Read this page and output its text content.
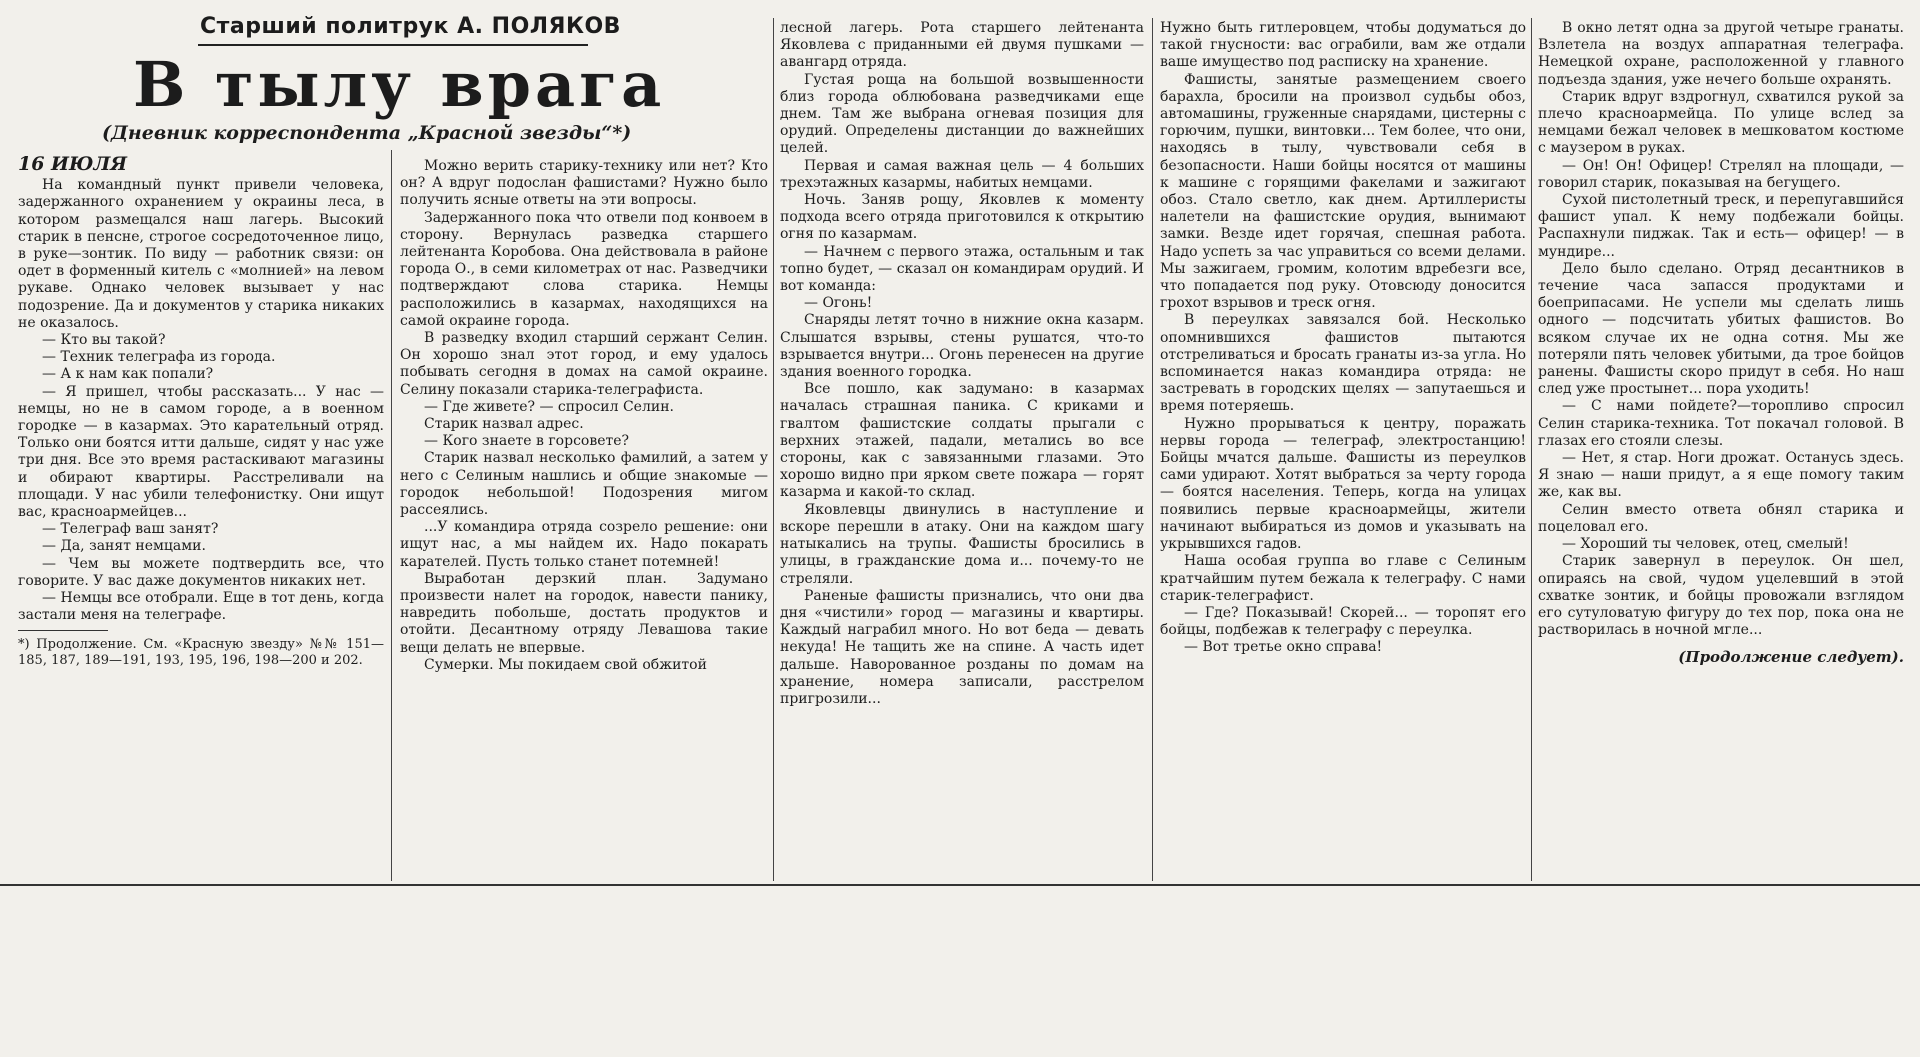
Старший политрук А. ПОЛЯКОВ
В тылу врага
(Дневник корреспондента „Красной звезды“*)

16 ИЮЛЯ

На командный пункт привели человека, задержанного охранением у окраины леса, в котором размещался наш лагерь. Высокий старик в пенсне, строгое сосредоточенное лицо, в руке—зонтик. По виду — работник связи: он одет в форменный китель с «молнией» на левом рукаве. Однако человек вызывает у нас подозрение. Да и документов у старика никаких не оказалось.

— Кто вы такой?

— Техник телеграфа из города.

— А к нам как попали?

— Я пришел, чтобы рассказать... У нас — немцы, но не в самом городе, а в военном городке — в казармах. Это карательный отряд. Только они боятся итти дальше, сидят у нас уже три дня. Все это время растаскивают магазины и обирают квартиры. Расстреливали на площади. У нас убили телефонистку. Они ищут вас, красноармейцев...

— Телеграф ваш занят?

— Да, занят немцами.

— Чем вы можете подтвердить все, что говорите. У вас даже документов никаких нет.

— Немцы все отобрали. Еще в тот день, когда застали меня на телеграфе.

*) Продолжение. См. «Красную звезду» №№ 151—185, 187, 189—191, 193, 195, 196, 198—200 и 202.

Можно верить старику-технику или нет? Кто он? А вдруг подослан фашистами? Нужно было получить ясные ответы на эти вопросы.

Задержанного пока что отвели под конвоем в сторону. Вернулась разведка старшего лейтенанта Коробова. Она действовала в районе города О., в семи километрах от нас. Разведчики подтверждают слова старика. Немцы расположились в казармах, находящихся на самой окраине города.

В разведку входил старший сержант Селин. Он хорошо знал этот город, и ему удалось побывать сегодня в домах на самой окраине. Селину показали старика-телеграфиста.

— Где живете? — спросил Селин.

Старик назвал адрес.

— Кого знаете в горсовете?

Старик назвал несколько фамилий, а затем у него с Селиным нашлись и общие знакомые — городок небольшой! Подозрения мигом рассеялись.

...У командира отряда созрело решение: они ищут нас, а мы найдем их. Надо покарать карателей. Пусть только станет потемней!

Выработан дерзкий план. Задумано произвести налет на городок, навести панику, навредить побольше, достать продуктов и отойти. Десантному отряду Левашова такие вещи делать не впервые.

Сумерки. Мы покидаем свой обжитой

лесной лагерь. Рота старшего лейтенанта Яковлева с приданными ей двумя пушками — авангард отряда.

Густая роща на большой возвышенности близ города облюбована разведчиками еще днем. Там же выбрана огневая позиция для орудий. Определены дистанции до важнейших целей.

Первая и самая важная цель — 4 больших трехэтажных казармы, набитых немцами.

Ночь. Заняв рощу, Яковлев к моменту подхода всего отряда приготовился к открытию огня по казармам.

— Начнем с первого этажа, остальным и так топно будет, — сказал он командирам орудий. И вот команда:

— Огонь!

Снаряды летят точно в нижние окна казарм. Слышатся взрывы, стены рушатся, что-то взрывается внутри... Огонь перенесен на другие здания военного городка.

Все пошло, как задумано: в казармах началась страшная паника. С криками и гвалтом фашистские солдаты прыгали с верхних этажей, падали, метались во все стороны, как с завязанными глазами. Это хорошо видно при ярком свете пожара — горят казарма и какой-то склад.

Яковлевцы двинулись в наступление и вскоре перешли в атаку. Они на каждом шагу натыкались на трупы. Фашисты бросились в улицы, в гражданские дома и... почему-то не стреляли.

Раненые фашисты признались, что они два дня «чистили» город — магазины и квартиры. Каждый награбил много. Но вот беда — девать некуда! Не тащить же на спине. А часть идет дальше. Наворованное розданы по домам на хранение, номера записали, расстрелом пригрозили...

Нужно быть гитлеровцем, чтобы додуматься до такой гнусности: вас ограбили, вам же отдали ваше имущество под расписку на хранение.

Фашисты, занятые размещением своего барахла, бросили на произвол судьбы обоз, автомашины, груженные снарядами, цистерны с горючим, пушки, винтовки... Тем более, что они, находясь в тылу, чувствовали себя в безопасности. Наши бойцы носятся от машины к машине с горящими факелами и зажигают обоз. Стало светло, как днем. Артиллеристы налетели на фашистские орудия, вынимают замки. Везде идет горячая, спешная работа. Надо успеть за час управиться со всеми делами. Мы зажигаем, громим, колотим вдребезги все, что попадается под руку. Отовсюду доносится грохот взрывов и треск огня.

В переулках завязался бой. Несколько опомнившихся фашистов пытаются отстреливаться и бросать гранаты из-за угла. Но вспоминается наказ командира отряда: не застревать в городских щелях — запутаешься и время потеряешь.

Нужно прорываться к центру, поражать нервы города — телеграф, электростанцию! Бойцы мчатся дальше. Фашисты из переулков сами удирают. Хотят выбраться за черту города — боятся населения. Теперь, когда на улицах появились первые красноармейцы, жители начинают выбираться из домов и указывать на укрывшихся гадов.

Наша особая группа во главе с Селиным кратчайшим путем бежала к телеграфу. С нами старик-телеграфист.

— Где? Показывай! Скорей... — торопят его бойцы, подбежав к телеграфу с переулка.

— Вот третье окно справа!

В окно летят одна за другой четыре гранаты. Взлетела на воздух аппаратная телеграфа. Немецкой охране, расположенной у главного подъезда здания, уже нечего больше охранять.

Старик вдруг вздрогнул, схватился рукой за плечо красноармейца. По улице вслед за немцами бежал человек в мешковатом костюме с маузером в руках.

— Он! Он! Офицер! Стрелял на площади, — говорил старик, показывая на бегущего.

Сухой пистолетный треск, и перепугавшийся фашист упал. К нему подбежали бойцы. Распахнули пиджак. Так и есть— офицер! — в мундире...

Дело было сделано. Отряд десантников в течение часа запасся продуктами и боеприпасами. Не успели мы сделать лишь одного — подсчитать убитых фашистов. Во всяком случае их не одна сотня. Мы же потеряли пять человек убитыми, да трое бойцов ранены. Фашисты скоро придут в себя. Но наш след уже простынет... пора уходить!

— С нами пойдете?—торопливо спросил Селин старика-техника. Тот покачал головой. В глазах его стояли слезы.

— Нет, я стар. Ноги дрожат. Останусь здесь. Я знаю — наши придут, а я еще помогу таким же, как вы.

Селин вместо ответа обнял старика и поцеловал его.

— Хороший ты человек, отец, смелый!

Старик завернул в переулок. Он шел, опираясь на свой, чудом уцелевший в этой схватке зонтик, и бойцы провожали взглядом его сутуловатую фигуру до тех пор, пока она не растворилась в ночной мгле...

(Продолжение следует).
